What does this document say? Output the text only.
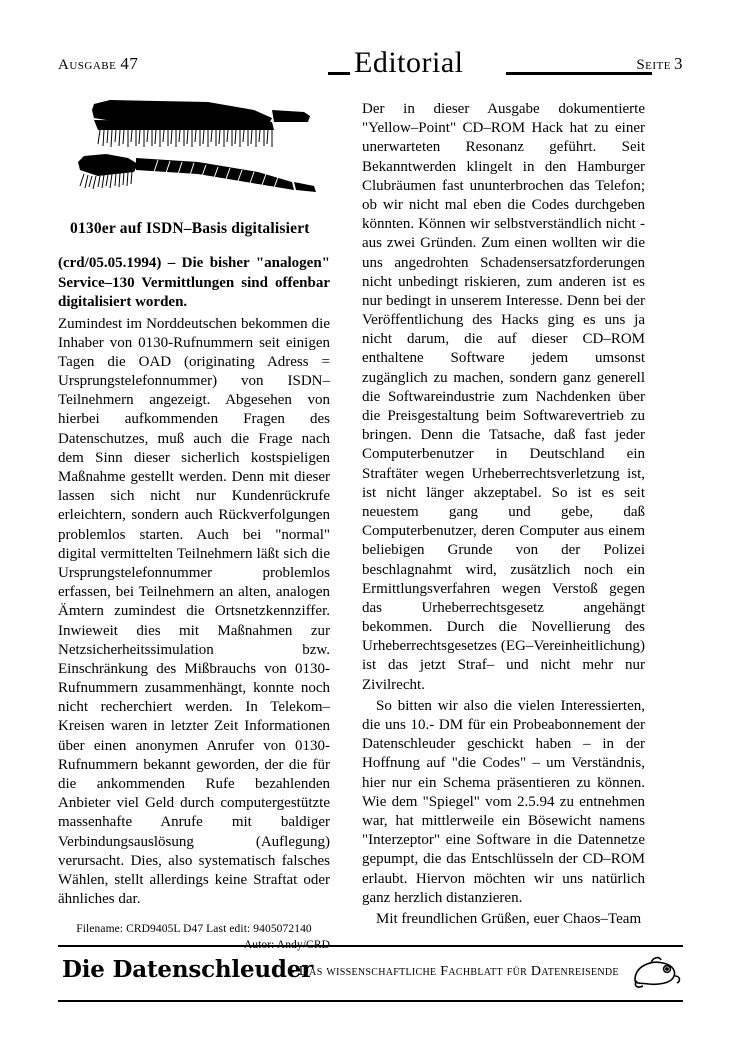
Ausgabe 47	Editorial	Seite 3
0130er auf ISDN–Basis digitalisiert

(crd/05.05.1994) – Die bisher "analogen" Service–130 Vermittlungen sind offenbar digitalisiert worden.

Zumindest im Norddeutschen bekommen die Inhaber von 0130-Rufnummern seit einigen Tagen die OAD (originating Adress = Ursprungstelefonnummer) von ISDN–Teilnehmern angezeigt. Abgesehen von hierbei aufkommenden Fragen des Datenschutzes, muß auch die Frage nach dem Sinn dieser sicherlich kostspieligen Maßnahme gestellt werden. Denn mit dieser lassen sich nicht nur Kundenrückrufe erleichtern, sondern auch Rückverfolgungen problemlos starten. Auch bei "normal" digital vermittelten Teilnehmern läßt sich die Ursprungstelefonnummer problemlos erfassen, bei Teilnehmern an alten, analogen Ämtern zumindest die Ortsnetzkennziffer. Inwieweit dies mit Maßnahmen zur Netzsicherheitssimulation bzw. Einschränkung des Mißbrauchs von 0130-Rufnummern zusammenhängt, konnte noch nicht recherchiert werden. In Telekom–Kreisen waren in letzter Zeit Informationen über einen anonymen Anrufer von 0130-Rufnummern bekannt geworden, der die für die ankommenden Rufe bezahlenden Anbieter viel Geld durch computergestützte massenhafte Anrufe mit baldiger Verbindungsauslösung (Auflegung) verursacht. Dies, also systematisch falsches Wählen, stellt allerdings keine Straftat oder ähnliches dar.

Filename: CRD9405L D47 Last edit: 9405072140

Der in dieser Ausgabe dokumentierte "Yellow–Point" CD–ROM Hack hat zu einer unerwarteten Resonanz geführt. Seit Bekanntwerden klingelt in den Hamburger Clubräumen fast ununterbrochen das Telefon; ob wir nicht mal eben die Codes durchgeben könnten. Können wir selbstverständlich nicht - aus zwei Gründen. Zum einen wollten wir die uns angedrohten Schadensersatzforderungen nicht unbedingt riskieren, zum anderen ist es nur bedingt in unserem Interesse. Denn bei der Veröffentlichung des Hacks ging es uns ja nicht darum, die auf dieser CD–ROM enthaltene Software jedem umsonst zugänglich zu machen, sondern ganz generell die Softwareindustrie zum Nachdenken über die Preisgestaltung beim Softwarevertrieb zu bringen. Denn die Tatsache, daß fast jeder Computerbenutzer in Deutschland ein Straftäter wegen Urheberrechtsverletzung ist, ist nicht länger akzeptabel. So ist es seit neuestem gang und gebe, daß Computerbenutzer, deren Computer aus einem beliebigen Grunde von der Polizei beschlagnahmt wird, zusätzlich noch ein Ermittlungsverfahren wegen Verstoß gegen das Urheberrechtsgesetz angehängt bekommen. Durch die Novellierung des Urheberrechtsgesetzes (EG–Vereinheitlichung) ist das jetzt Straf– und nicht mehr nur Zivilrecht.

So bitten wir also die vielen Interessierten, die uns 10.- DM für ein Probeabonnement der Datenschleuder geschickt haben – in der Hoffnung auf "die Codes" – um Verständnis, hier nur ein Schema präsentieren zu können. Wie dem "Spiegel" vom 2.5.94 zu entnehmen war, hat mittlerweile ein Bösewicht namens "Interzeptor" eine Software in die Datennetze gepumpt, die das Entschlüsseln der CD–ROM erlaubt. Hiervon möchten wir uns natürlich ganz herzlich distanzieren.

Mit freundlichen Grüßen, euer Chaos–Team

Die Datenschleuder
- Das wissenschaftliche Fachblatt für Datenreisende
